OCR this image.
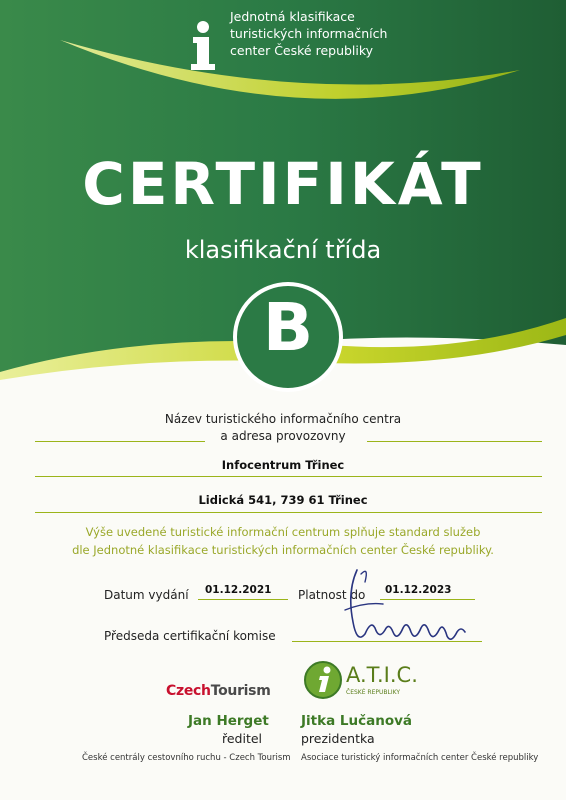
Jednotná klasifikace
turistických informačních
center České republiky
CERTIFIKÁT
klasifikační třída
B
Název turistického informačního centra
a adresa provozovny
Infocentrum Třinec
Lidická 541, 739 61 Třinec
Výše uvedené turistické informační centrum splňuje standard služeb
dle Jednotné klasifikace turistických informačních center České republiky.
Datum vydání 01.12.2021 Platnost do 01.12.2023
Předseda certifikační komise
CzechTourism
A.T.I.C.
ČESKÉ REPUBLIKY
Jan Herget
ředitel
České centrály cestovního ruchu - Czech Tourism
Jitka Lučanová
prezidentka
Asociace turistický informačních center České republiky
